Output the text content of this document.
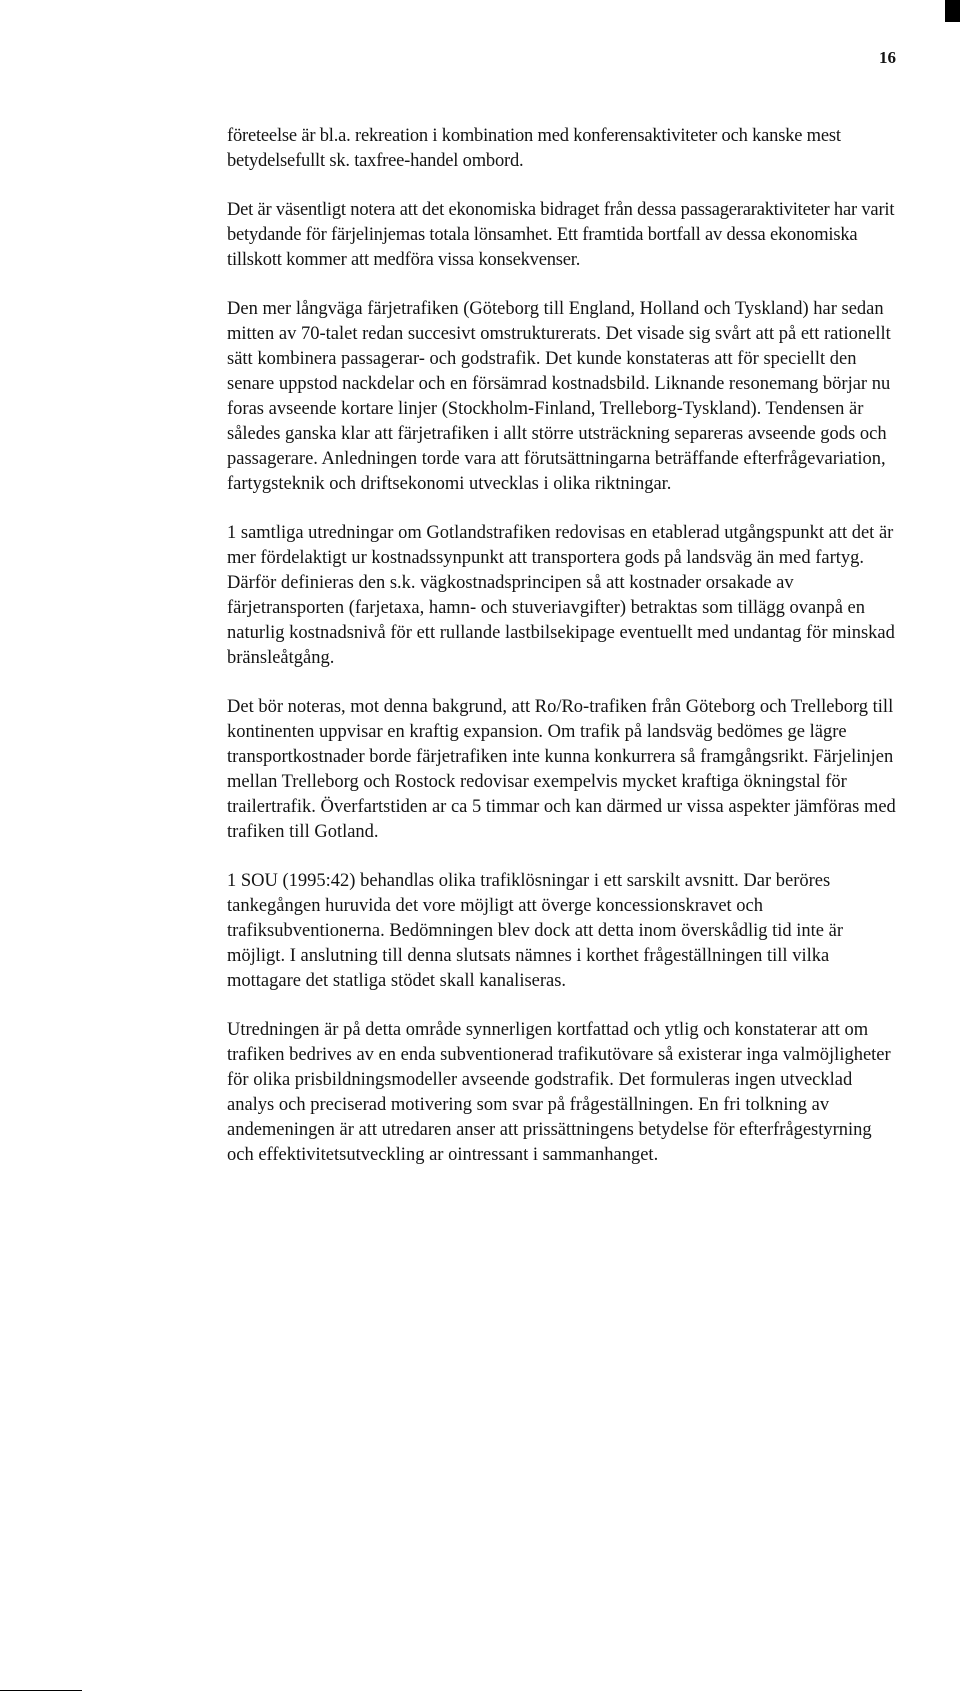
16

företeelse är bl.a. rekreation i kombination med konferensaktiviteter och kanske mest betydelsefullt sk. taxfree-handel ombord.

Det är väsentligt notera att det ekonomiska bidraget från dessa passageraraktiviteter har varit betydande för färjelinjemas totala lönsamhet. Ett framtida bortfall av dessa ekonomiska tillskott kommer att medföra vissa konsekvenser.

Den mer långväga färjetrafiken (Göteborg till England, Holland och Tyskland) har sedan mitten av 70-talet redan succesivt omstrukturerats. Det visade sig svårt att på ett rationellt sätt kombinera passagerar- och godstrafik. Det kunde konstateras att för speciellt den senare uppstod nackdelar och en försämrad kostnadsbild. Liknande resonemang börjar nu foras avseende kortare linjer (Stockholm-Finland, Trelleborg-Tyskland). Tendensen är således ganska klar att färjetrafiken i allt större utsträckning separeras avseende gods och passagerare. Anledningen torde vara att förutsättningarna beträffande efterfrågevariation, fartygsteknik och driftsekonomi utvecklas i olika riktningar.

1 samtliga utredningar om Gotlandstrafiken redovisas en etablerad utgångspunkt att det är mer fördelaktigt ur kostnadssynpunkt att transportera gods på landsväg än med fartyg. Därför definieras den s.k. vägkostnadsprincipen så att kostnader orsakade av färjetransporten (farjetaxa, hamn- och stuveriavgifter) betraktas som tillägg ovanpå en naturlig kostnadsnivå för ett rullande lastbilsekipage eventuellt med undantag för minskad bränsleåtgång.

Det bör noteras, mot denna bakgrund, att Ro/Ro-trafiken från Göteborg och Trelleborg till kontinenten uppvisar en kraftig expansion. Om trafik på landsväg bedömes ge lägre transportkostnader borde färjetrafiken inte kunna konkurrera så framgångsrikt. Färjelinjen mellan Trelleborg och Rostock redovisar exempelvis mycket kraftiga ökningstal för trailertrafik. Överfartstiden ar ca 5 timmar och kan därmed ur vissa aspekter jämföras med trafiken till Gotland.

1 SOU (1995:42) behandlas olika trafiklösningar i ett sarskilt avsnitt. Dar beröres tankegången huruvida det vore möjligt att överge koncessionskravet och trafiksubventionerna. Bedömningen blev dock att detta inom överskådlig tid inte är möjligt. I anslutning till denna slutsats nämnes i korthet frågeställningen till vilka mottagare det statliga stödet skall kanaliseras.

Utredningen är på detta område synnerligen kortfattad och ytlig och konstaterar att om trafiken bedrives av en enda subventionerad trafikutövare så existerar inga valmöjligheter för olika prisbildningsmodeller avseende godstrafik. Det formuleras ingen utvecklad analys och preciserad motivering som svar på frågeställningen. En fri tolkning av andemeningen är att utredaren anser att prissättningens betydelse för efterfrågestyrning och effektivitetsutveckling ar ointressant i sammanhanget.
